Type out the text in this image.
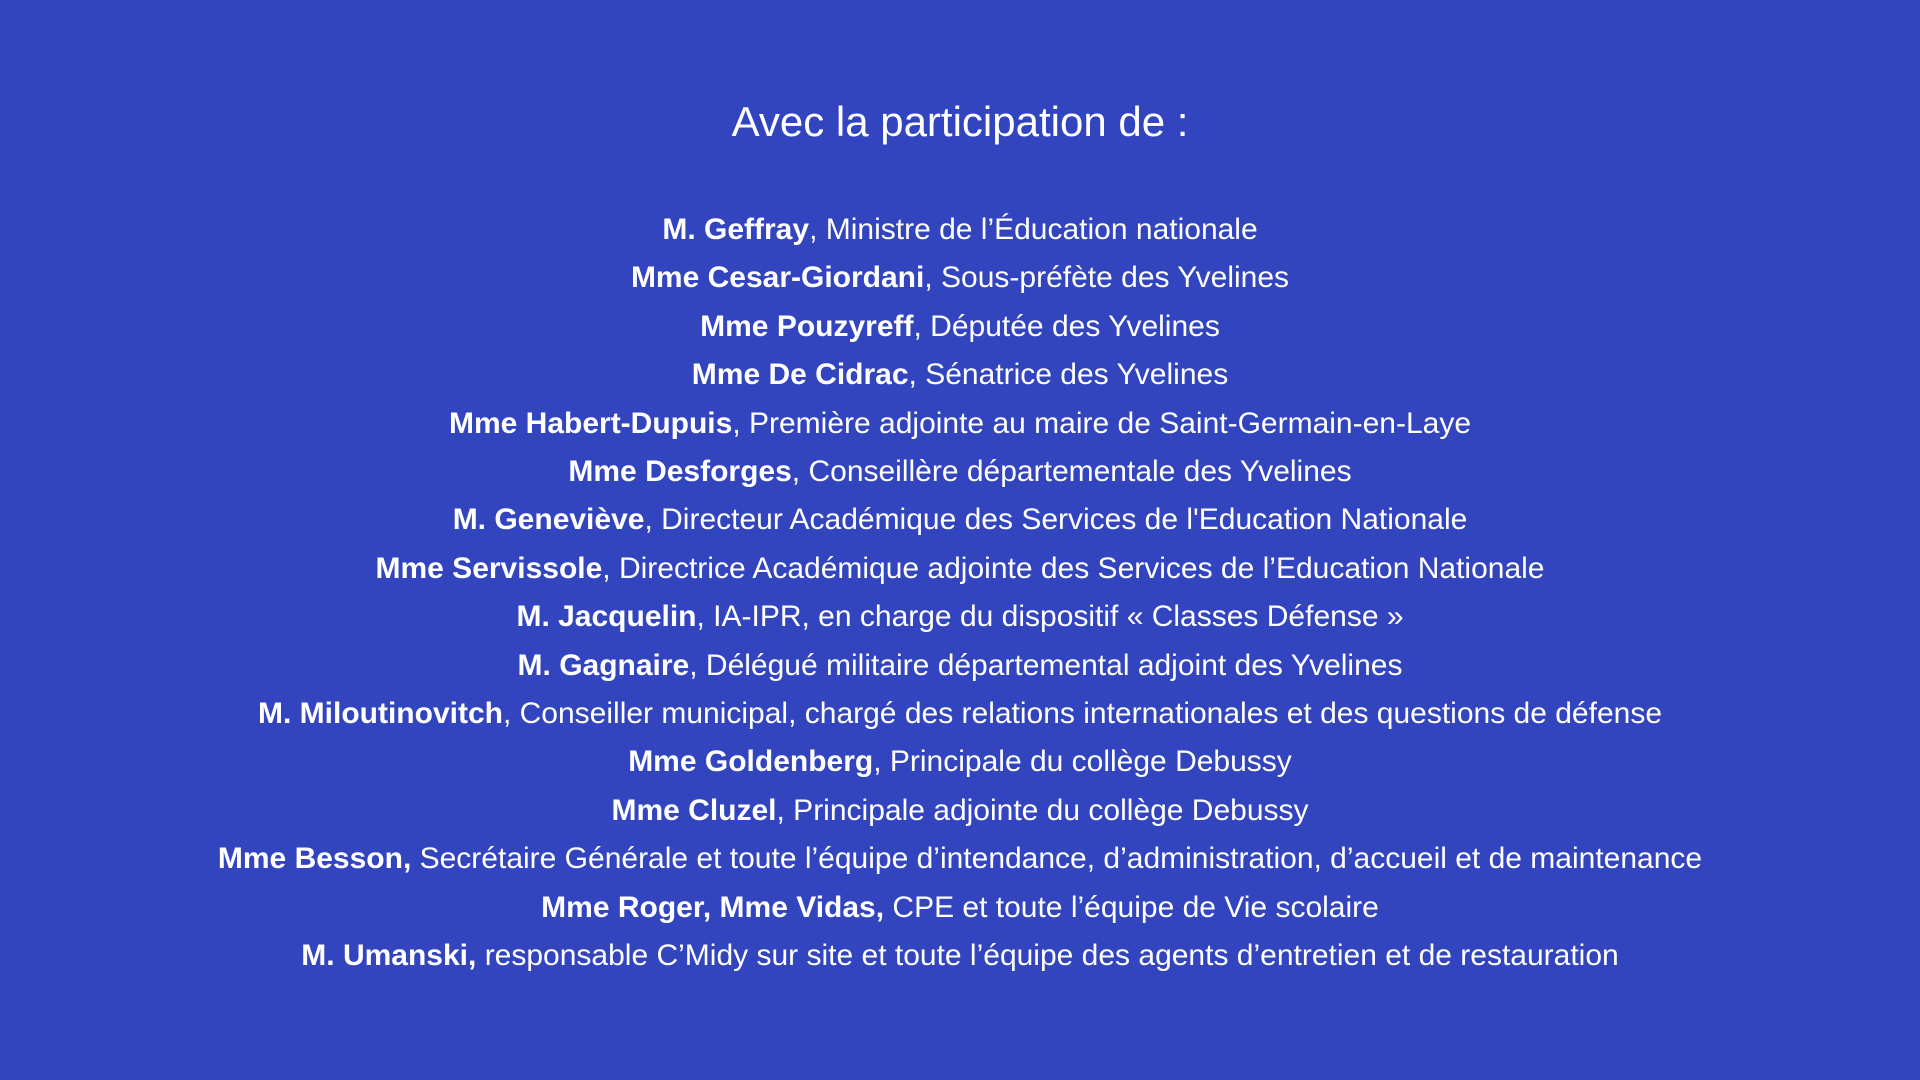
Avec la participation de :
M. Geffray, Ministre de l’Éducation nationale
Mme Cesar-Giordani, Sous-préfète des Yvelines
Mme Pouzyreff, Députée des Yvelines
Mme De Cidrac, Sénatrice des Yvelines
Mme Habert-Dupuis, Première adjointe au maire de Saint-Germain-en-Laye
Mme Desforges, Conseillère départementale des Yvelines
M. Geneviève, Directeur Académique des Services de l'Education Nationale
Mme Servissole, Directrice Académique adjointe des Services de l’Education Nationale
M. Jacquelin, IA-IPR, en charge du dispositif « Classes Défense »
M. Gagnaire, Délégué militaire départemental adjoint des Yvelines
M. Miloutinovitch, Conseiller municipal, chargé des relations internationales et des questions de défense
Mme Goldenberg, Principale du collège Debussy
Mme Cluzel, Principale adjointe du collège Debussy
Mme Besson, Secrétaire Générale et toute l’équipe d’intendance, d’administration, d’accueil et de maintenance
Mme Roger, Mme Vidas, CPE et toute l’équipe de Vie scolaire
M. Umanski, responsable C’Midy sur site et toute l’équipe des agents d’entretien et de restauration
